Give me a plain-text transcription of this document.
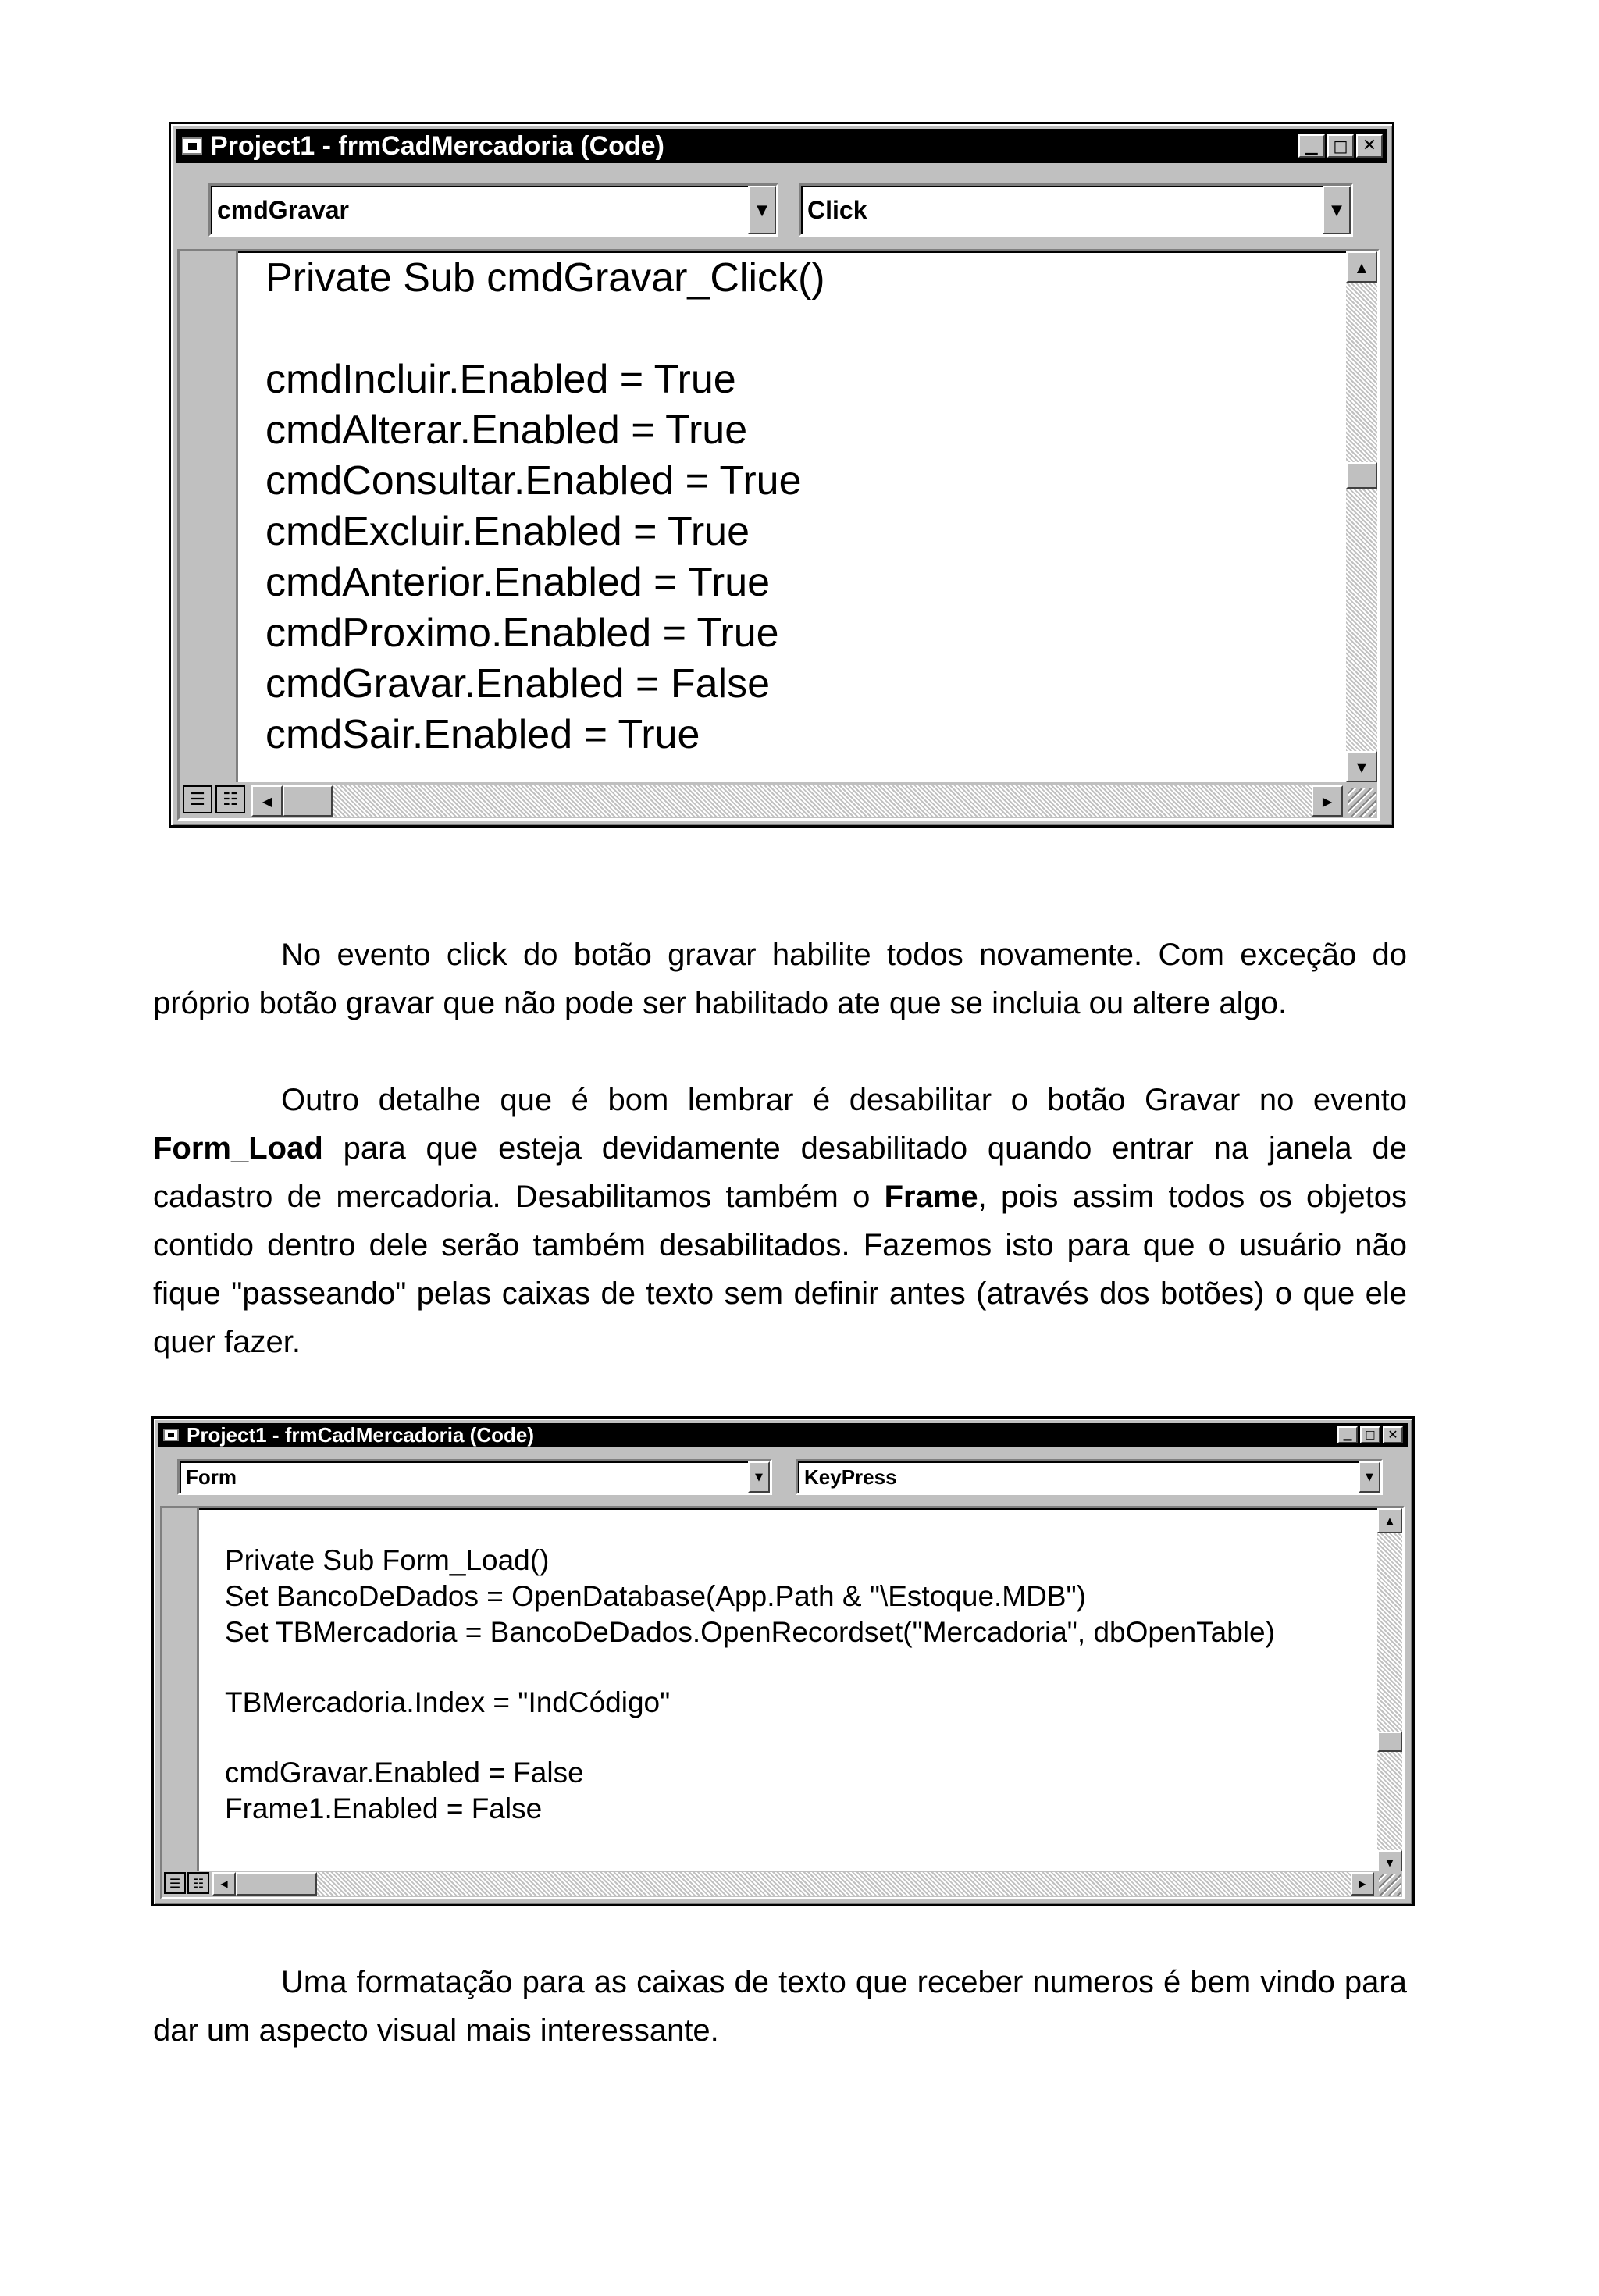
Project1 - frmCadMercadoria (Code)	▁ □ ✕
cmdGravar	▼	Click	▼
Private Sub cmdGravar_Click()
cmdIncluir.Enabled = True
cmdAlterar.Enabled = True
cmdConsultar.Enabled = True
cmdExcluir.Enabled = True
cmdAnterior.Enabled = True
cmdProximo.Enabled = True
cmdGravar.Enabled = False
cmdSair.Enabled = True
▲
▼
☰	☷	◀	▶

No evento click do botão gravar habilite todos novamente. Com exceção do próprio botão gravar que não pode ser habilitado ate que se incluia ou altere algo.

Outro detalhe que é bom lembrar é desabilitar o botão Gravar no evento Form_Load para que esteja devidamente desabilitado quando entrar na janela de cadastro de mercadoria. Desabilitamos também o Frame, pois assim todos os objetos contido dentro dele serão também desabilitados. Fazemos isto para que o usuário não fique "passeando" pelas caixas de texto sem definir antes (através dos botões) o que ele quer fazer.

Project1 - frmCadMercadoria (Code)	▁	□ ✕
Form	▼	KeyPress	▼
Private Sub Form_Load()
Set BancoDeDados = OpenDatabase(App.Path & "\Estoque.MDB")
Set TBMercadoria = BancoDeDados.OpenRecordset("Mercadoria", dbOpenTable)
TBMercadoria.Index = "IndCódigo"
cmdGravar.Enabled = False
Frame1.Enabled = False
▲
▼
☰ ☷	◀	▶

Uma formatação para as caixas de texto que receber numeros é bem vindo para dar um aspecto visual mais interessante.
